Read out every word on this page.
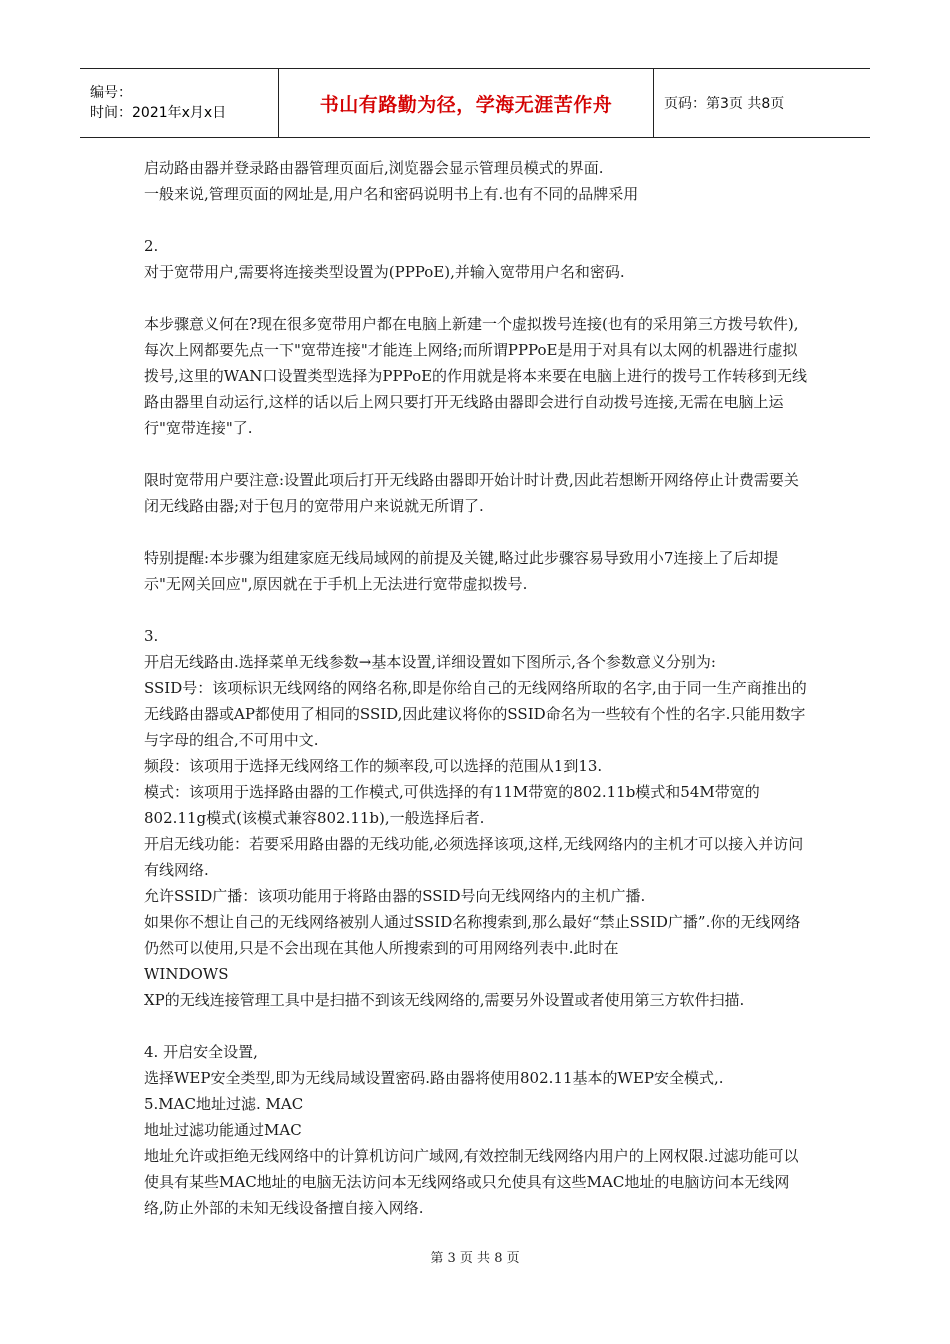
编号：
时间：2021年x月x日	书山有路勤为径，学海无涯苦作舟	页码：第3页 共8页

启动路由器并登录路由器管理页面后,浏览器会显示管理员模式的界面.

一般来说,管理页面的网址是,用户名和密码说明书上有.也有不同的品牌采用

2.

对于宽带用户,需要将连接类型设置为(PPPoE),并输入宽带用户名和密码.

本步骤意义何在?现在很多宽带用户都在电脑上新建一个虚拟拨号连接(也有的采用第三方拨号软件),每次上网都要先点一下"宽带连接"才能连上网络;而所谓PPPoE是用于对具有以太网的机器进行虚拟拨号,这里的WAN口设置类型选择为PPPoE的作用就是将本来要在电脑上进行的拨号工作转移到无线路由器里自动运行,这样的话以后上网只要打开无线路由器即会进行自动拨号连接,无需在电脑上运行"宽带连接"了.

限时宽带用户要注意:设置此项后打开无线路由器即开始计时计费,因此若想断开网络停止计费需要关闭无线路由器;对于包月的宽带用户来说就无所谓了.

特别提醒:本步骤为组建家庭无线局域网的前提及关键,略过此步骤容易导致用小7连接上了后却提示"无网关回应",原因就在于手机上无法进行宽带虚拟拨号.

3.

开启无线路由.选择菜单无线参数→基本设置,详细设置如下图所示,各个参数意义分别为:

SSID号：该项标识无线网络的网络名称,即是你给自己的无线网络所取的名字,由于同一生产商推出的无线路由器或AP都使用了相同的SSID,因此建议将你的SSID命名为一些较有个性的名字.只能用数字与字母的组合,不可用中文.

频段：该项用于选择无线网络工作的频率段,可以选择的范围从1到13.

模式：该项用于选择路由器的工作模式,可供选择的有11M带宽的802.11b模式和54M带宽的802.11g模式(该模式兼容802.11b),一般选择后者.

开启无线功能：若要采用路由器的无线功能,必须选择该项,这样,无线网络内的主机才可以接入并访问有线网络.

允许SSID广播：该项功能用于将路由器的SSID号向无线网络内的主机广播.

如果你不想让自己的无线网络被别人通过SSID名称搜索到,那么最好“禁止SSID广播”.你的无线网络仍然可以使用,只是不会出现在其他人所搜索到的可用网络列表中.此时在

WINDOWS

XP的无线连接管理工具中是扫描不到该无线网络的,需要另外设置或者使用第三方软件扫描.

4. 开启安全设置,

选择WEP安全类型,即为无线局域设置密码.路由器将使用802.11基本的WEP安全模式,.

5.MAC地址过滤. MAC

地址过滤功能通过MAC

地址允许或拒绝无线网络中的计算机访问广域网,有效控制无线网络内用户的上网权限.过滤功能可以使具有某些MAC地址的电脑无法访问本无线网络或只允使具有这些MAC地址的电脑访问本无线网络,防止外部的未知无线设备擅自接入网络.

第 3 页 共 8 页
